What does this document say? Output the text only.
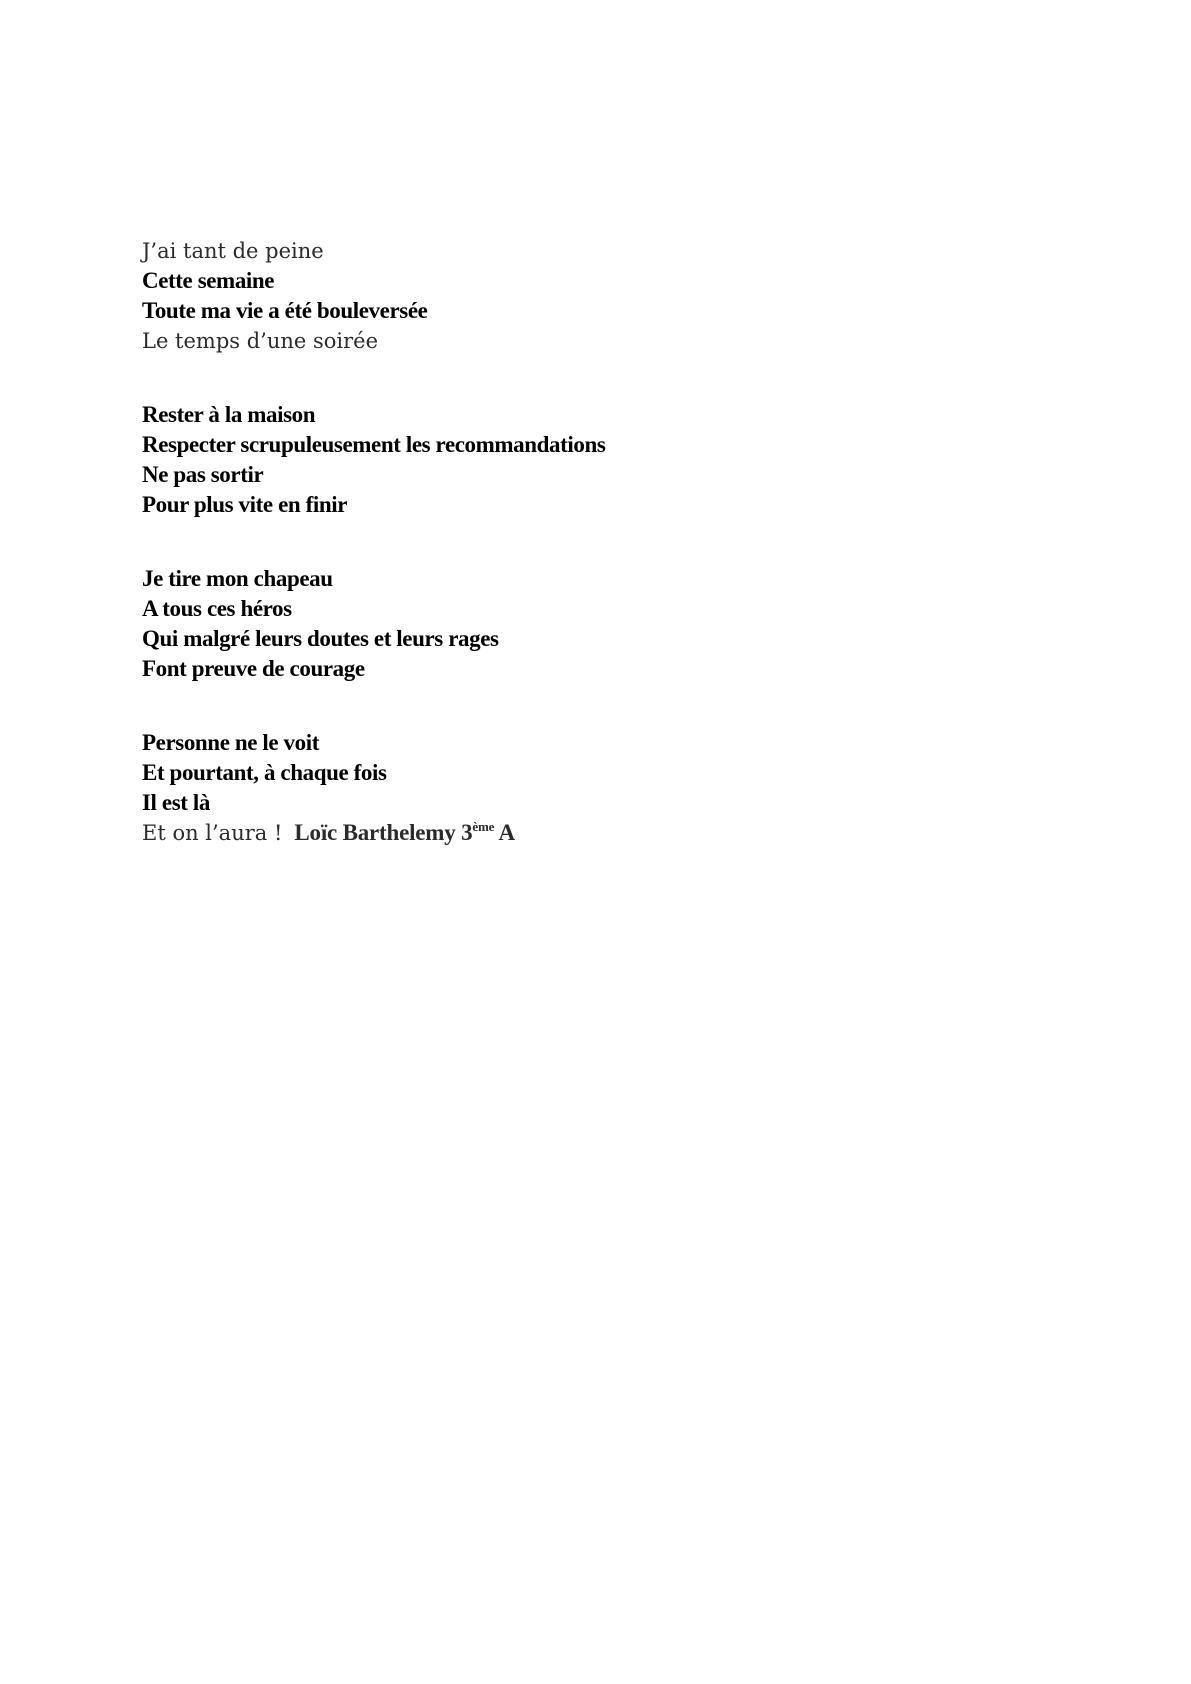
J’ai tant de peine
Cette semaine
Toute ma vie a été bouleversée
Le temps d’une soirée
Rester à la maison
Respecter scrupuleusement les recommandations
Ne pas sortir
Pour plus vite en finir
Je tire mon chapeau
A tous ces héros
Qui malgré leurs doutes et leurs rages
Font preuve de courage
Personne ne le voit
Et pourtant, à chaque fois
Il est là
Et on l’aura ! Loïc Barthelemy 3ème A
